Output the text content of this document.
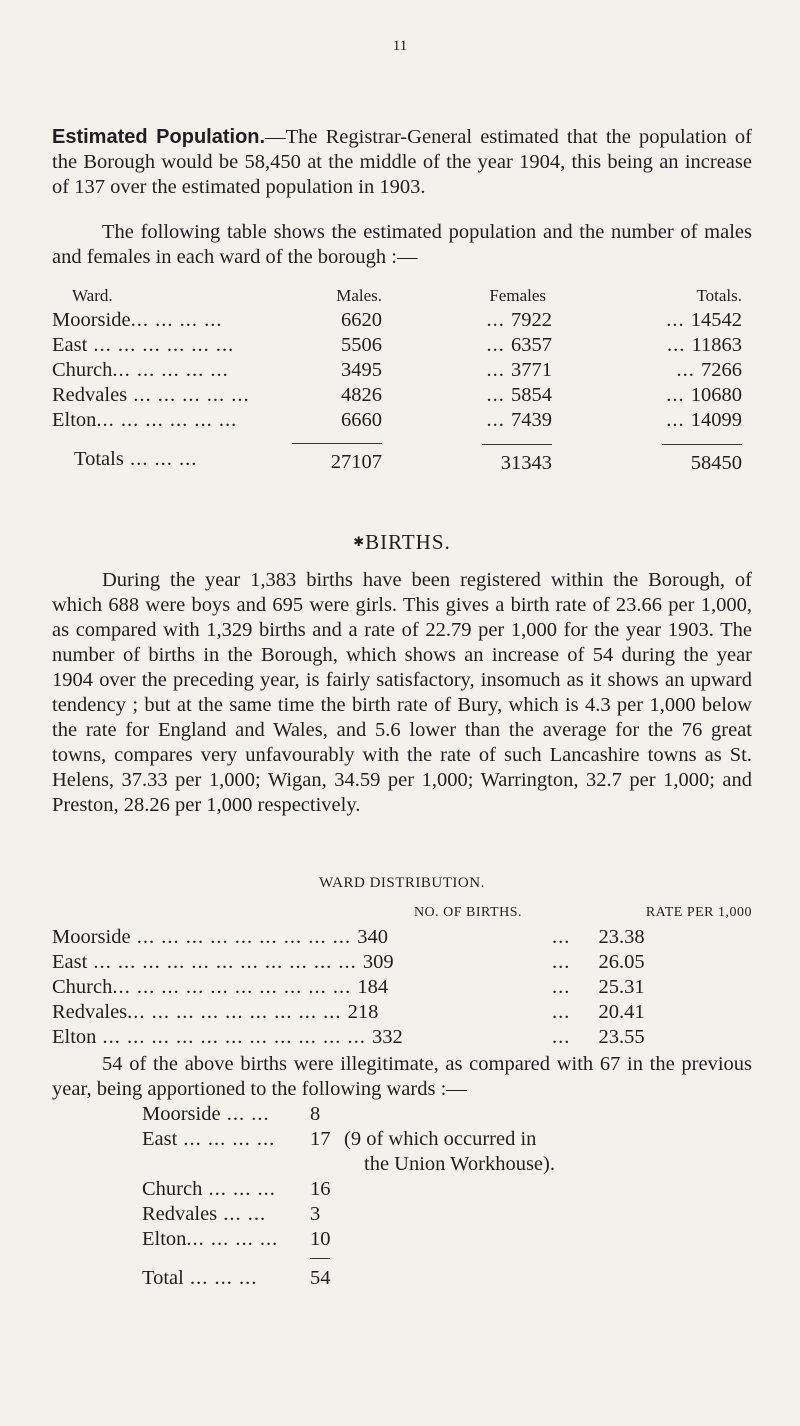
11

Estimated Population.—The Registrar-General estimated that the population of the Borough would be 58,450 at the middle of the year 1904, this being an increase of 137 over the estimated population in 1903.

The following table shows the estimated population and the number of males and females in each ward of the borough :—

Ward.	Males.	Females	Totals.
Moorside... ... ... ...	6620	... 7922	... 14542
East ... ... ... ... ... ...	5506	... 6357	... 11863
Church... ... ... ... ...	3495	... 3771	... 7266
Redvales ... ... ... ... ...	4826	... 5854	... 10680
Elton... ... ... ... ... ...	6660	... 7439	... 14099

Totals ... ... ...	27107	31343	58450
✱BIRTHS.

During the year 1,383 births have been registered within the Borough, of which 688 were boys and 695 were girls. This gives a birth rate of 23.66 per 1,000, as compared with 1,329 births and a rate of 22.79 per 1,000 for the year 1903. The number of births in the Borough, which shows an increase of 54 during the year 1904 over the preceding year, is fairly satisfactory, insomuch as it shows an upward tendency ; but at the same time the birth rate of Bury, which is 4.3 per 1,000 below the rate for England and Wales, and 5.6 lower than the average for the 76 great towns, compares very unfavourably with the rate of such Lancashire towns as St. Helens, 37.33 per 1,000; Wigan, 34.59 per 1,000; Warrington, 32.7 per 1,000; and Preston, 28.26 per 1,000 respectively.

WARD DISTRIBUTION.
NO. OF BIRTHS.	RATE PER 1,000
Moorside ... ... ... ... ... ... ... ... ... 340	... 23.38
East ... ... ... ... ... ... ... ... ... ... ... 309	... 26.05
Church... ... ... ... ... ... ... ... ... ... 184	... 25.31
Redvales... ... ... ... ... ... ... ... ... 218	... 20.41
Elton ... ... ... ... ... ... ... ... ... ... ... 332	... 23.55

54 of the above births were illegitimate, as compared with 67 in the previous year, being apportioned to the following wards :—

Moorside ... ...	8	
East ... ... ... ...	17	(9 of which occurred in
		the Union Workhouse).
Church ... ... ...	16	
Redvales ... ...	3	
Elton... ... ... ...	10	

Total ... ... ...	54	
